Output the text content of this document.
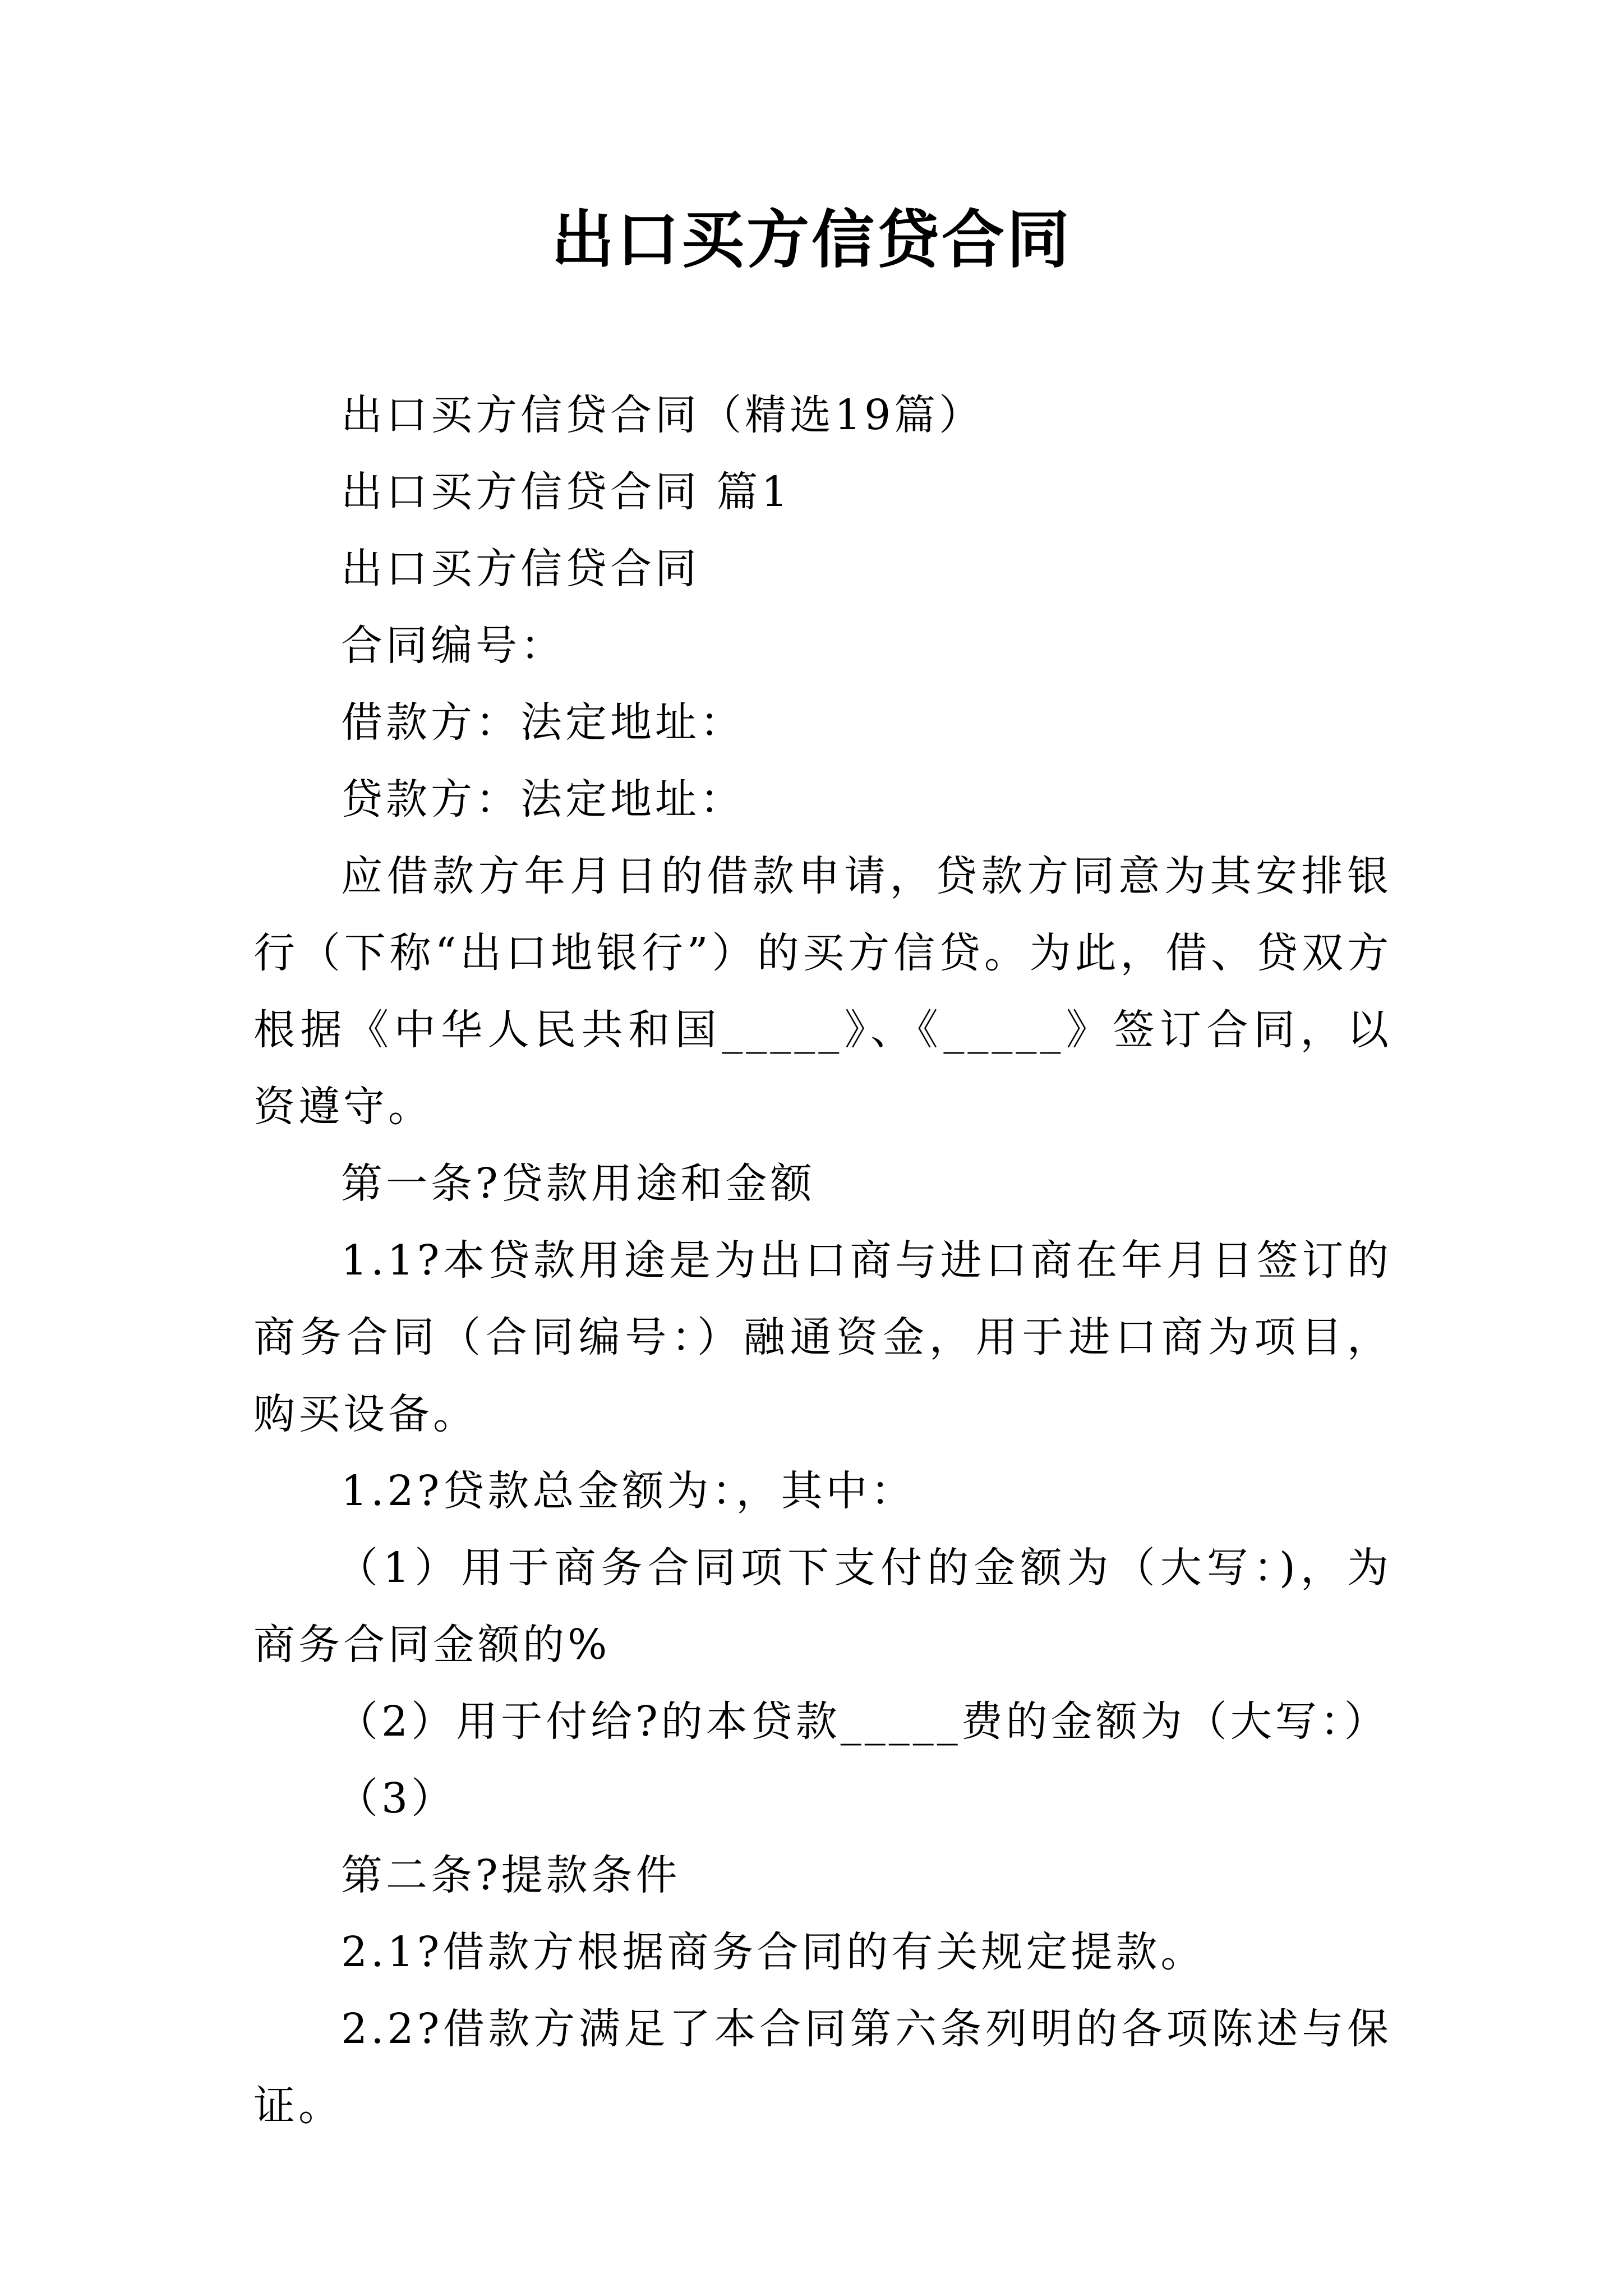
出口买方信贷合同

出口买方信贷合同（精选19篇）

出口买方信贷合同 篇1

出口买方信贷合同

合同编号：

借款方：法定地址：

贷款方：法定地址：

应借款方年月日的借款申请，贷款方同意为其安排银行（下称“出口地银行”）的买方信贷。为此，借、贷双方根据《中华人民共和国_____》、《_____》签订合同，以资遵守。

第一条?贷款用途和金额

1.1?本贷款用途是为出口商与进口商在年月日签订的商务合同（合同编号：）融通资金，用于进口商为项目，购买设备。

1.2?贷款总金额为：，其中：

（1）用于商务合同项下支付的金额为（大写：)，为商务合同金额的%

（2）用于付给?的本贷款_____费的金额为（大写：）

（3）

第二条?提款条件

2.1?借款方根据商务合同的有关规定提款。

2.2?借款方满足了本合同第六条列明的各项陈述与保证。
